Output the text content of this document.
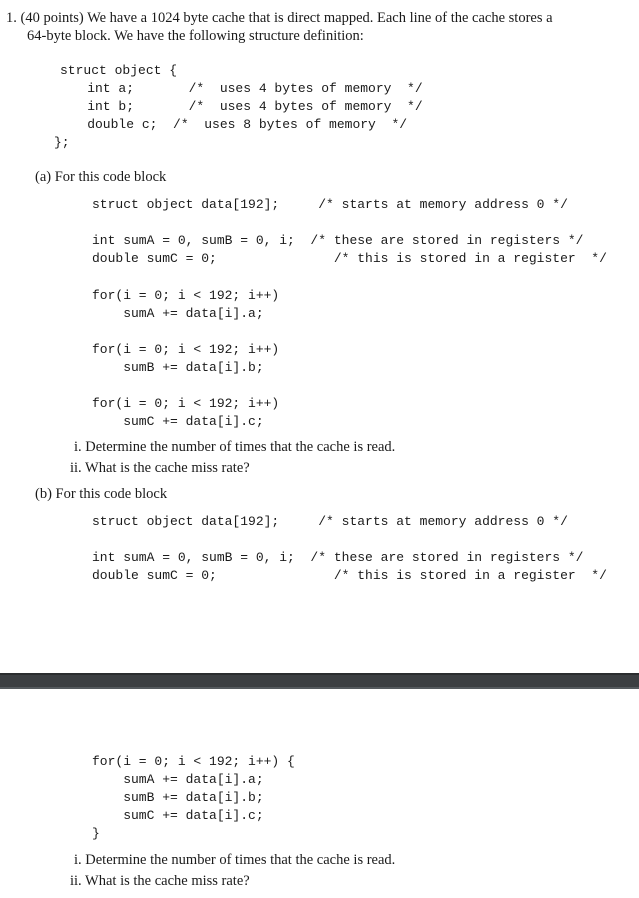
1. (40 points) We have a 1024 byte cache that is direct mapped. Each line of the cache stores a
64-byte block. We have the following structure definition:
struct object {
int a;       /*  uses 4 bytes of memory  */
int b;       /*  uses 4 bytes of memory  */
double c;  /*  uses 8 bytes of memory  */
};
(a) For this code block
struct object data[192];     /* starts at memory address 0 */
int sumA = 0, sumB = 0, i;  /* these are stored in registers */
double sumC = 0;               /* this is stored in a register  */
for(i = 0; i < 192; i++)
sumA += data[i].a;
for(i = 0; i < 192; i++)
sumB += data[i].b;
for(i = 0; i < 192; i++)
sumC += data[i].c;
i. Determine the number of times that the cache is read.
ii. What is the cache miss rate?
(b) For this code block
struct object data[192];     /* starts at memory address 0 */
int sumA = 0, sumB = 0, i;  /* these are stored in registers */
double sumC = 0;               /* this is stored in a register  */
for(i = 0; i < 192; i++) {
sumA += data[i].a;
sumB += data[i].b;
sumC += data[i].c;
}
i. Determine the number of times that the cache is read.
ii. What is the cache miss rate?
